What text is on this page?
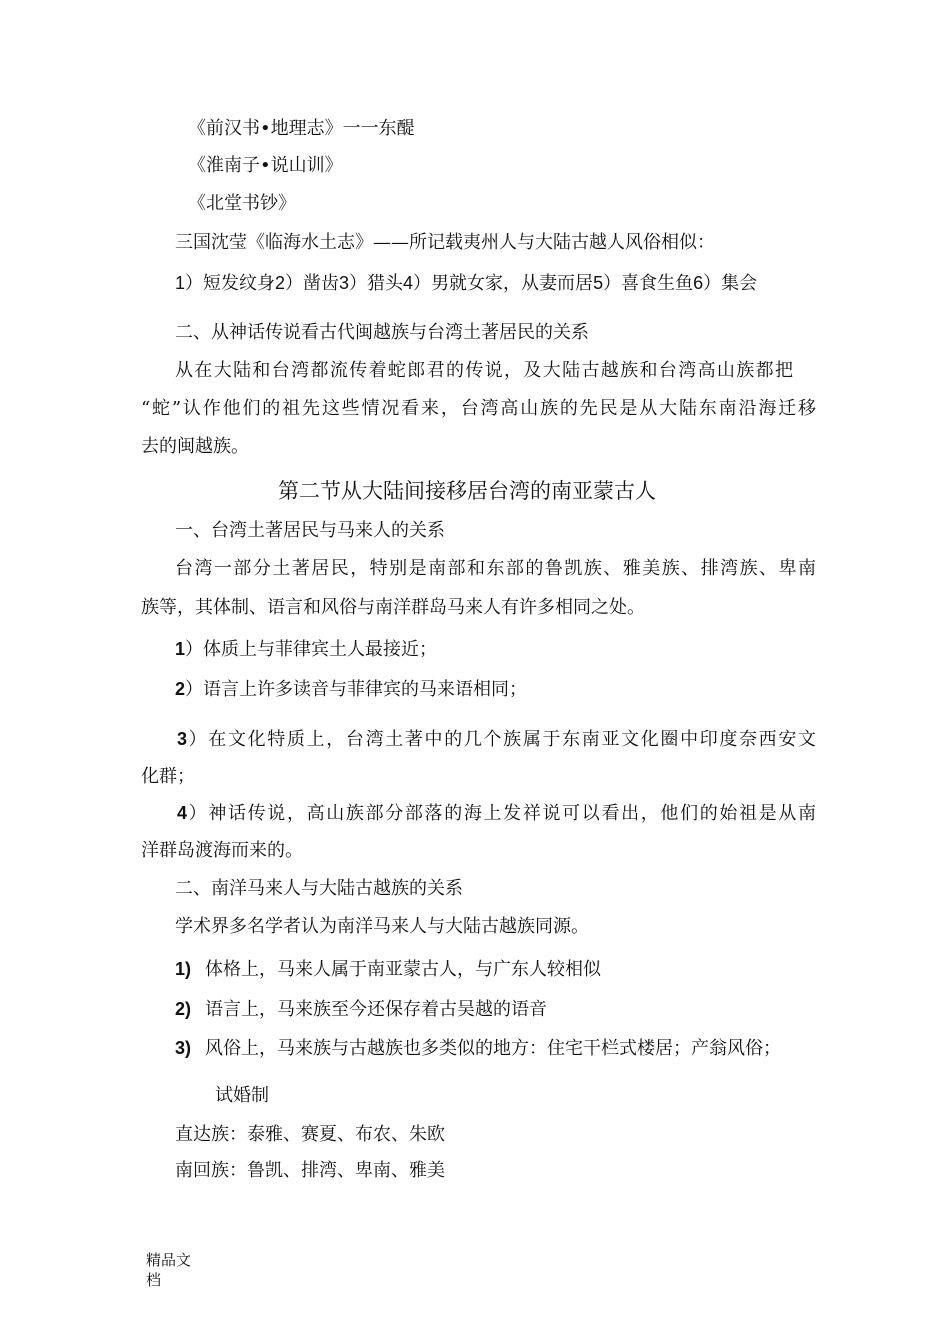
《前汉书•地理志》一一东醍
《淮南子•说山训》
《北堂书钞》
三国沈莹《临海水土志》——所记载夷州人与大陆古越人风俗相似：
1）短发纹身2）凿齿3）猎头4）男就女家，从妻而居5）喜食生鱼6）集会
二、从神话传说看古代闽越族与台湾土著居民的关系
从在大陆和台湾都流传着蛇郎君的传说，及大陆古越族和台湾高山族都把
“蛇”认作他们的祖先这些情况看来，台湾高山族的先民是从大陆东南沿海迁移
去的闽越族。
第二节从大陆间接移居台湾的南亚蒙古人
一、台湾土著居民与马来人的关系
台湾一部分土著居民，特别是南部和东部的鲁凯族、雅美族、排湾族、卑南
族等，其体制、语言和风俗与南洋群岛马来人有许多相同之处。
1）体质上与菲律宾土人最接近；
2）语言上许多读音与菲律宾的马来语相同；
3）在文化特质上，台湾土著中的几个族属于东南亚文化圈中印度奈西安文
化群；
4）神话传说，高山族部分部落的海上发祥说可以看出，他们的始祖是从南
洋群岛渡海而来的。
二、南洋马来人与大陆古越族的关系
学术界多名学者认为南洋马来人与大陆古越族同源。
1) 体格上，马来人属于南亚蒙古人，与广东人较相似
2) 语言上，马来族至今还保存着古吴越的语音
3) 风俗上，马来族与古越族也多类似的地方：住宅干栏式楼居；产翁风俗；
试婚制
直达族：泰雅、赛夏、布农、朱欧
南回族：鲁凯、排湾、卑南、雅美
精品文
档
